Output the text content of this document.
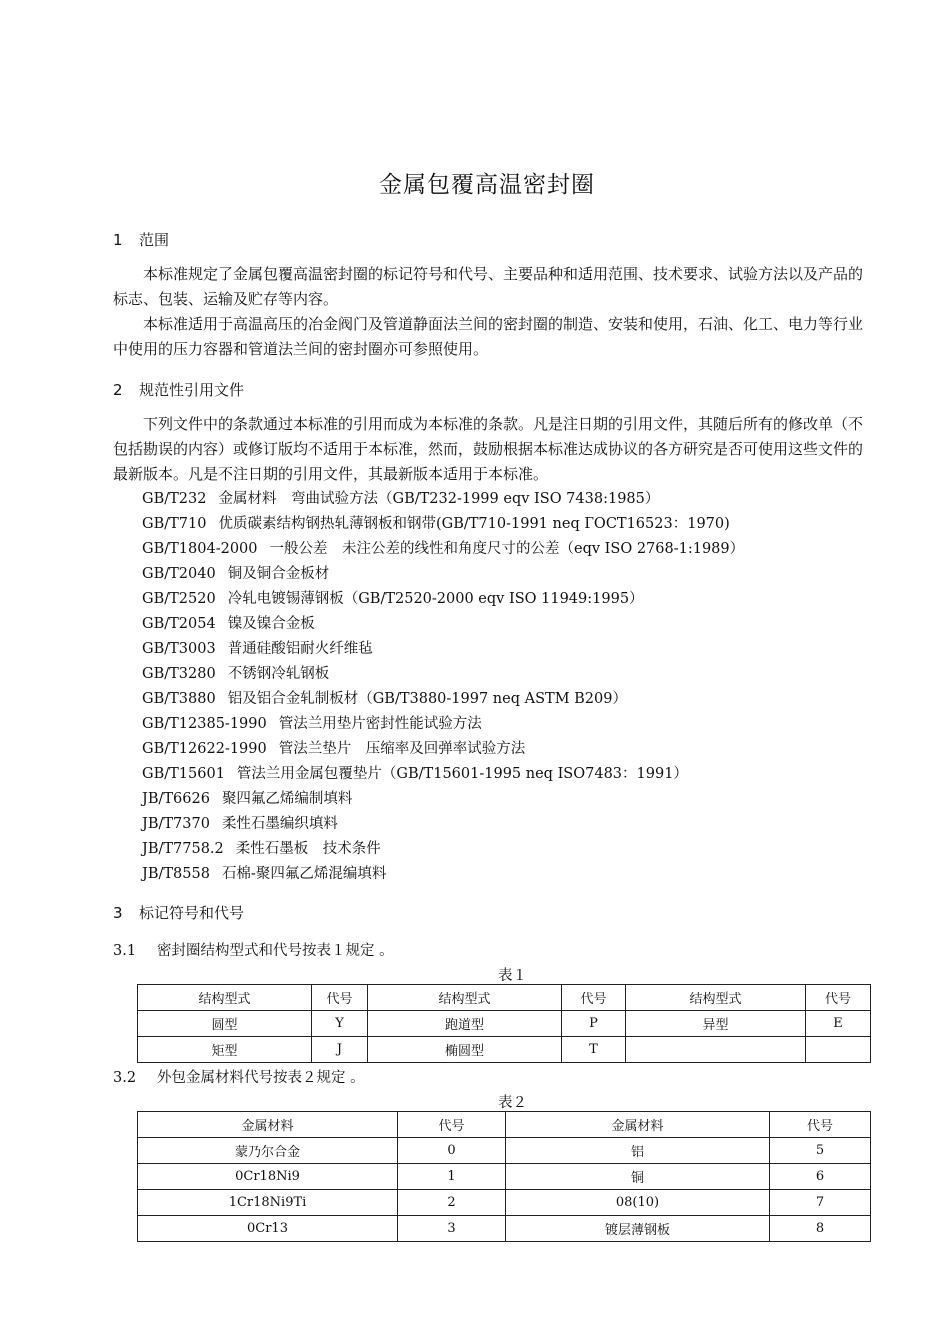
金属包覆高温密封圈
1 范围

本标准规定了金属包覆高温密封圈的标记符号和代号、主要品种和适用范围、技术要求、试验方法以及产品的标志、包装、运输及贮存等内容。

本标准适用于高温高压的冶金阀门及管道静面法兰间的密封圈的制造、安装和使用，石油、化工、电力等行业中使用的压力容器和管道法兰间的密封圈亦可参照使用。

2 规范性引用文件

下列文件中的条款通过本标准的引用而成为本标准的条款。凡是注日期的引用文件，其随后所有的修改单（不包括勘误的内容）或修订版均不适用于本标准，然而，鼓励根据本标准达成协议的各方研究是否可使用这些文件的最新版本。凡是不注日期的引用文件，其最新版本适用于本标准。

GB/T232 金属材料　弯曲试验方法（GB/T232-1999 eqv ISO 7438:1985）
GB/T710 优质碳素结构钢热轧薄钢板和钢带(GB/T710-1991 neq ГОСТ16523：1970)
GB/T1804-2000 一般公差　未注公差的线性和角度尺寸的公差（eqv ISO 2768-1:1989）
GB/T2040 铜及铜合金板材
GB/T2520 冷轧电镀锡薄钢板（GB/T2520-2000 eqv ISO 11949:1995）
GB/T2054 镍及镍合金板
GB/T3003 普通硅酸铝耐火纤维毡
GB/T3280 不锈钢冷轧钢板
GB/T3880 铝及铝合金轧制板材（GB/T3880-1997 neq ASTM B209）
GB/T12385-1990 管法兰用垫片密封性能试验方法
GB/T12622-1990 管法兰垫片　压缩率及回弹率试验方法
GB/T15601 管法兰用金属包覆垫片（GB/T15601-1995 neq ISO7483：1991）
JB/T6626 聚四氟乙烯编制填料
JB/T7370 柔性石墨编织填料
JB/T7758.2 柔性石墨板　技术条件
JB/T8558 石棉-聚四氟乙烯混编填料
3 标记符号和代号

3.1 密封圈结构型式和代号按表１规定 。

表１

结构型式	代号	结构型式	代号	结构型式	代号
圆型	Y	跑道型	P	异型	E
矩型	J	椭圆型	T		

3.2 外包金属材料代号按表２规定 。

表２

金属材料	代号	金属材料	代号
蒙乃尔合金	0	铝	5
0Cr18Ni9	1	铜	6
1Cr18Ni9Ti	2	08(10)	7
0Cr13	3	镀层薄钢板	8
